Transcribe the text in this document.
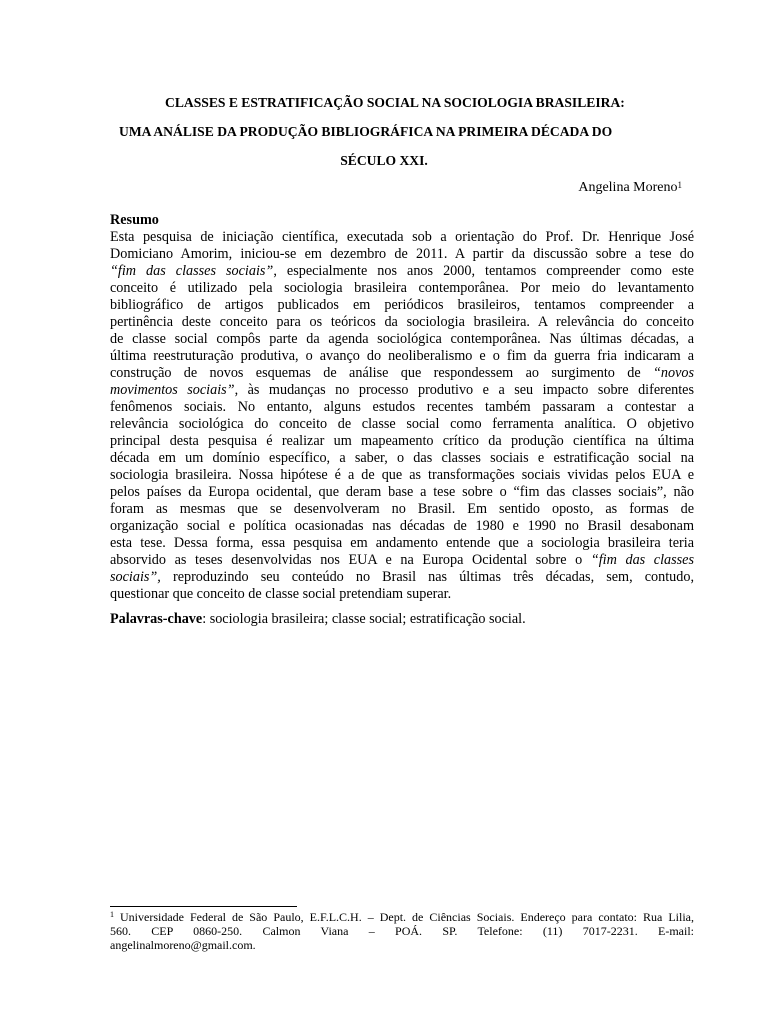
CLASSES E ESTRATIFICAÇÃO SOCIAL NA SOCIOLOGIA BRASILEIRA:
UMA ANÁLISE DA PRODUÇÃO BIBLIOGRÁFICA NA PRIMEIRA DÉCADA DO
SÉCULO XXI.
Angelina Moreno$^1$
Resumo
Esta pesquisa de iniciação científica, executada sob a orientação do Prof. Dr. Henrique José
Domiciano Amorim, iniciou-se em dezembro de 2011. A partir da discussão sobre a tese do
“fim das classes sociais”, especialmente nos anos 2000, tentamos compreender como este
conceito é utilizado pela sociologia brasileira contemporânea. Por meio do levantamento
bibliográfico de artigos publicados em periódicos brasileiros, tentamos compreender a
pertinência deste conceito para os teóricos da sociologia brasileira. A relevância do conceito
de classe social compôs parte da agenda sociológica contemporânea. Nas últimas décadas, a
última reestruturação produtiva, o avanço do neoliberalismo e o fim da guerra fria indicaram a
construção de novos esquemas de análise que respondessem ao surgimento de “novos
movimentos sociais”, às mudanças no processo produtivo e a seu impacto sobre diferentes
fenômenos sociais. No entanto, alguns estudos recentes também passaram a contestar a
relevância sociológica do conceito de classe social como ferramenta analítica. O objetivo
principal desta pesquisa é realizar um mapeamento crítico da produção científica na última
década em um domínio específico, a saber, o das classes sociais e estratificação social na
sociologia brasileira. Nossa hipótese é a de que as transformações sociais vividas pelos EUA e
pelos países da Europa ocidental, que deram base a tese sobre o “fim das classes sociais”, não
foram as mesmas que se desenvolveram no Brasil. Em sentido oposto, as formas de
organização social e política ocasionadas nas décadas de 1980 e 1990 no Brasil desabonam
esta tese. Dessa forma, essa pesquisa em andamento entende que a sociologia brasileira teria
absorvido as teses desenvolvidas nos EUA e na Europa Ocidental sobre o “fim das classes
sociais”, reproduzindo seu conteúdo no Brasil nas últimas três décadas, sem, contudo,
questionar que conceito de classe social pretendiam superar.
Palavras-chave: sociologia brasileira; classe social; estratificação social.
$^1$ Universidade Federal de São Paulo, E.F.L.C.H. – Dept. de Ciências Sociais. Endereço para contato: Rua Lilia,
560. CEP 0860-250. Calmon Viana – POÁ. SP. Telefone: (11) 7017-2231. E-mail:
angelinalmoreno@gmail.com.
